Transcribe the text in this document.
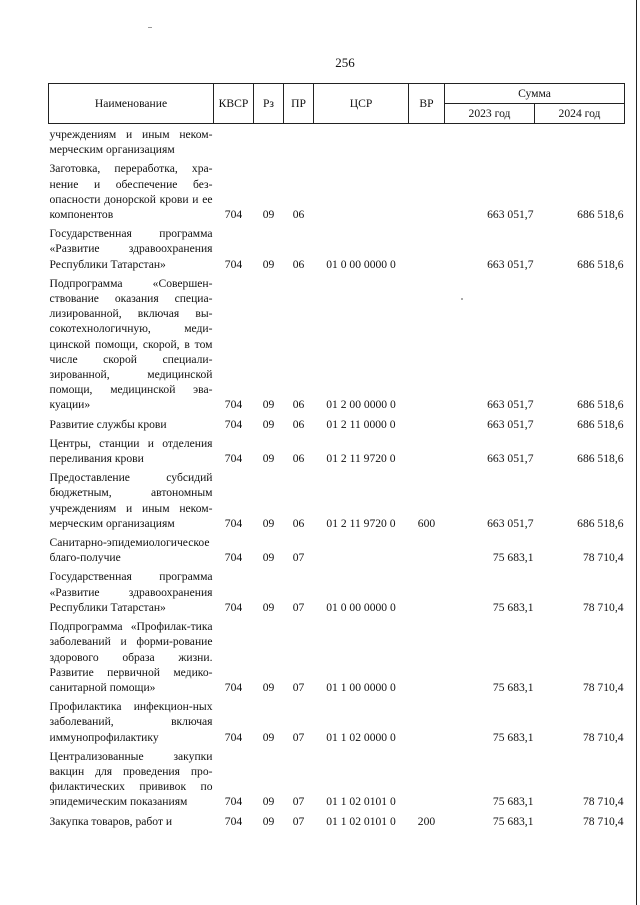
256
Наименование	КВСР	Рз	ПР	ЦСР	ВР	Сумма	
						2023 год	2024 год
учреждениям и иным неком-мерческим организациям							
Заготовка, переработка, хра-нение и обеспечение без-опасности донорской крови и ее компонентов	704	09	06			663 051,7	686 518,6
Государственная программа «Развитие здравоохранения Республики Татарстан»	704	09	06	01 0 00 0000 0		663 051,7	686 518,6
Подпрограмма «Совершен-ствование оказания специа-лизированной, включая вы-сокотехнологичную, меди-цинской помощи, скорой, в том числе скорой специали-зированной, медицинской помощи, медицинской эва-куации»	704	09	06	01 2 00 0000 0		663 051,7	686 518,6
Развитие службы крови	704	09	06	01 2 11 0000 0		663 051,7	686 518,6
Центры, станции и отделения переливания крови	704	09	06	01 2 11 9720 0		663 051,7	686 518,6
Предоставление субсидий бюджетным, автономным учреждениям и иным неком-мерческим организациям	704	09	06	01 2 11 9720 0	600	663 051,7	686 518,6
Санитарно-эпидемиологическое благо-получие	704	09	07			75 683,1	78 710,4
Государственная программа «Развитие здравоохранения Республики Татарстан»	704	09	07	01 0 00 0000 0		75 683,1	78 710,4
Подпрограмма «Профилак-тика заболеваний и форми-рование здорового образа жизни. Развитие первичной медико-санитарной помощи»	704	09	07	01 1 00 0000 0		75 683,1	78 710,4
Профилактика инфекцион-ных заболеваний, включая иммунопрофилактику	704	09	07	01 1 02 0000 0		75 683,1	78 710,4
Централизованные закупки вакцин для проведения про-филактических прививок по эпидемическим показаниям	704	09	07	01 1 02 0101 0		75 683,1	78 710,4
Закупка товаров, работ и	704	09	07	01 1 02 0101 0	200	75 683,1	78 710,4
